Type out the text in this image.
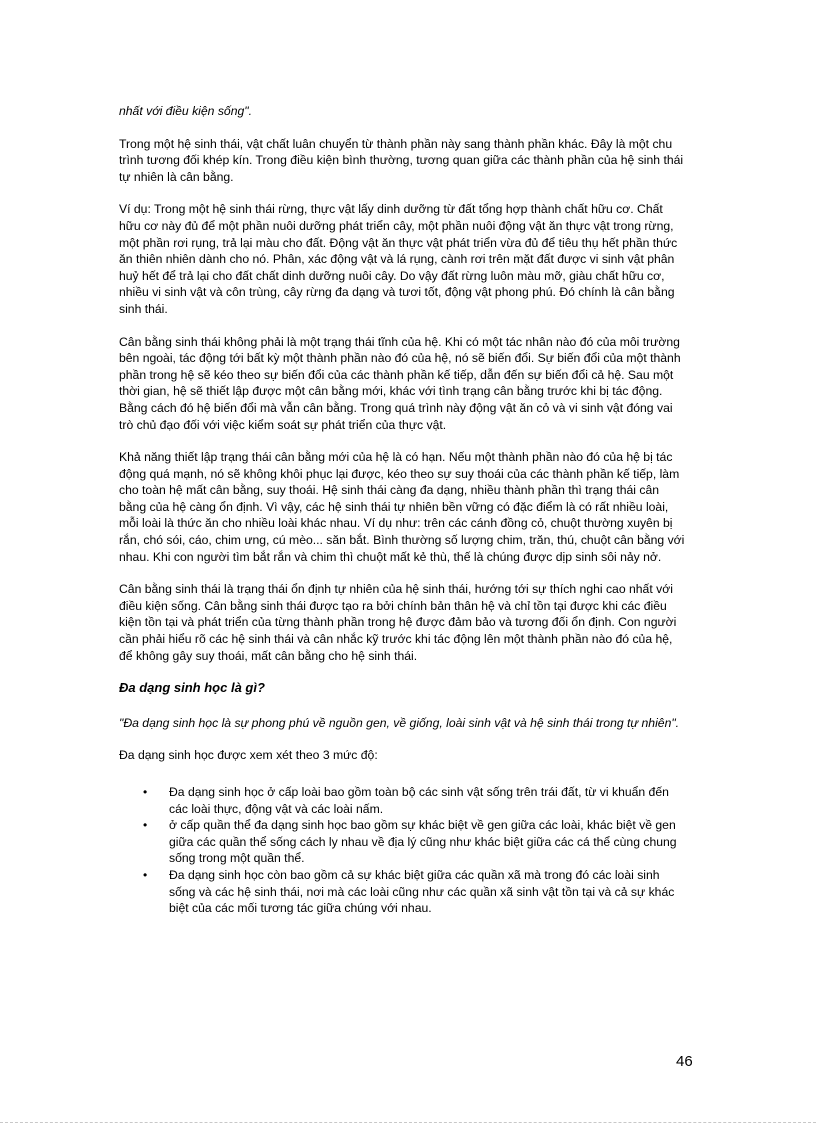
nhất với điều kiện sống".

Trong một hệ sinh thái, vật chất luân chuyển từ thành phần này sang thành phần khác. Đây là một chu trình tương đối khép kín. Trong điều kiện bình thường, tương quan giữa các thành phần của hệ sinh thái tự nhiên là cân bằng.

Ví dụ: Trong một hệ sinh thái rừng, thực vật lấy dinh dưỡng từ đất tổng hợp thành chất hữu cơ. Chất hữu cơ này đủ để một phần nuôi dưỡng phát triển cây, một phần nuôi động vật ăn thực vật trong rừng, một phần rơi rụng, trả lại màu cho đất. Động vật ăn thực vật phát triển vừa đủ để tiêu thụ hết phần thức ăn thiên nhiên dành cho nó. Phân, xác động vật và lá rụng, cành rơi trên mặt đất được vi sinh vật phân huỷ hết để trả lại cho đất chất dinh dưỡng nuôi cây. Do vậy đất rừng luôn màu mỡ, giàu chất hữu cơ, nhiều vi sinh vật và côn trùng, cây rừng đa dạng và tươi tốt, động vật phong phú. Đó chính là cân bằng sinh thái.

Cân bằng sinh thái không phải là một trạng thái tĩnh của hệ. Khi có một tác nhân nào đó của môi trường bên ngoài, tác động tới bất kỳ một thành phần nào đó của hệ, nó sẽ biến đổi. Sự biến đổi của một thành phần trong hệ sẽ kéo theo sự biến đổi của các thành phần kế tiếp, dẫn đến sự biến đổi cả hệ. Sau một thời gian, hệ sẽ thiết lập được một cân bằng mới, khác với tình trạng cân bằng trước khi bị tác động. Bằng cách đó hệ biến đổi mà vẫn cân bằng. Trong quá trình này động vật ăn cỏ và vi sinh vật đóng vai trò chủ đạo đối với việc kiểm soát sự phát triển của thực vật.

Khả năng thiết lập trạng thái cân bằng mới của hệ là có hạn. Nếu một thành phần nào đó của hệ bị tác động quá mạnh, nó sẽ không khôi phục lại được, kéo theo sự suy thoái của các thành phần kế tiếp, làm cho toàn hệ mất cân bằng, suy thoái. Hệ sinh thái càng đa dạng, nhiều thành phần thì trạng thái cân bằng của hệ càng ổn định. Vì vậy, các hệ sinh thái tự nhiên bền vững có đặc điểm là có rất nhiều loài, mỗi loài là thức ăn cho nhiều loài khác nhau. Ví dụ như: trên các cánh đồng cỏ, chuột thường xuyên bị rắn, chó sói, cáo, chim ưng, cú mèo... săn bắt. Bình thường số lượng chim, trăn, thú, chuột cân bằng với nhau. Khi con người tìm bắt rắn và chim thì chuột mất kẻ thù, thế là chúng được dịp sinh sôi nảy nở.

Cân bằng sinh thái là trạng thái ổn định tự nhiên của hệ sinh thái, hướng tới sự thích nghi cao nhất với điều kiện sống. Cân bằng sinh thái được tạo ra bởi chính bản thân hệ và chỉ tồn tại được khi các điều kiện tồn tại và phát triển của từng thành phần trong hệ được đảm bảo và tương đối ổn định. Con người cần phải hiểu rõ các hệ sinh thái và cân nhắc kỹ trước khi tác động lên một thành phần nào đó của hệ, để không gây suy thoái, mất cân bằng cho hệ sinh thái.

Đa dạng sinh học là gì?

"Đa dạng sinh học là sự phong phú về nguồn gen, về giống, loài sinh vật và hệ sinh thái trong tự nhiên".

Đa dạng sinh học được xem xét theo 3 mức độ:

• Đa dạng sinh học ở cấp loài bao gồm toàn bộ các sinh vật sống trên trái đất, từ vi khuẩn đến các loài thực, động vật và các loài nấm.
• ở cấp quần thể đa dạng sinh học bao gồm sự khác biệt về gen giữa các loài, khác biệt về gen giữa các quần thể sống cách ly nhau về địa lý cũng như khác biệt giữa các cá thể cùng chung sống trong một quần thể.
• Đa dạng sinh học còn bao gồm cả sự khác biệt giữa các quần xã mà trong đó các loài sinh sống và các hệ sinh thái, nơi mà các loài cũng như các quần xã sinh vật tồn tại và cả sự khác biệt của các mối tương tác giữa chúng với nhau.
46
